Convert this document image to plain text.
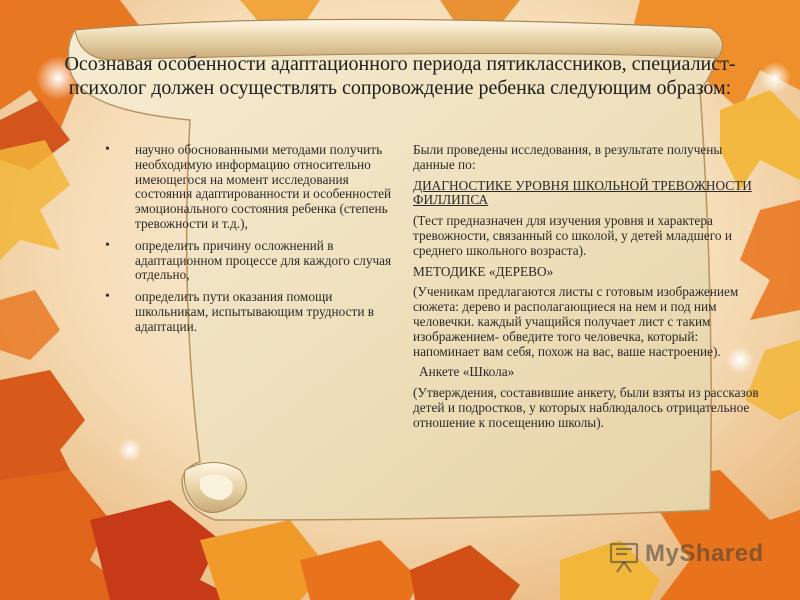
Осознавая особенности адаптационного периода пятиклассников, специалист-психолог должен осуществлять сопровождение ребенка следующим образом:
• научно обоснованными методами получить необходимую информацию относительно имеющегося на момент исследования состояния адаптированности и особенностей эмоционального состояния ребенка (степень тревожности и т.д.),
• определить причину осложнений в адаптационном процессе для каждого случая отдельно,
• определить пути оказания помощи школьникам, испытывающим трудности в адаптации.

Были проведены исследования, в результате получены данные по:

ДИАГНОСТИКЕ УРОВНЯ ШКОЛЬНОЙ ТРЕВОЖНОСТИ ФИЛЛИПСА

(Тест предназначен для изучения уровня и характера тревожности, связанный со школой, у детей младшего и среднего школьного возраста).

МЕТОДИКЕ «ДЕРЕВО»

(Ученикам предлагаются листы с готовым изображением сюжета: дерево и располагающиеся на нем и под ним человечки. каждый учащийся получает лист с таким изображением- обведите того человечка, который: напоминает вам себя, похож на вас, ваше настроение).

Анкете «Школа»

(Утверждения, составившие анкету, были взяты из рассказов детей и подростков, у которых наблюдалось отрицательное отношение к посещению школы).

MyShared
